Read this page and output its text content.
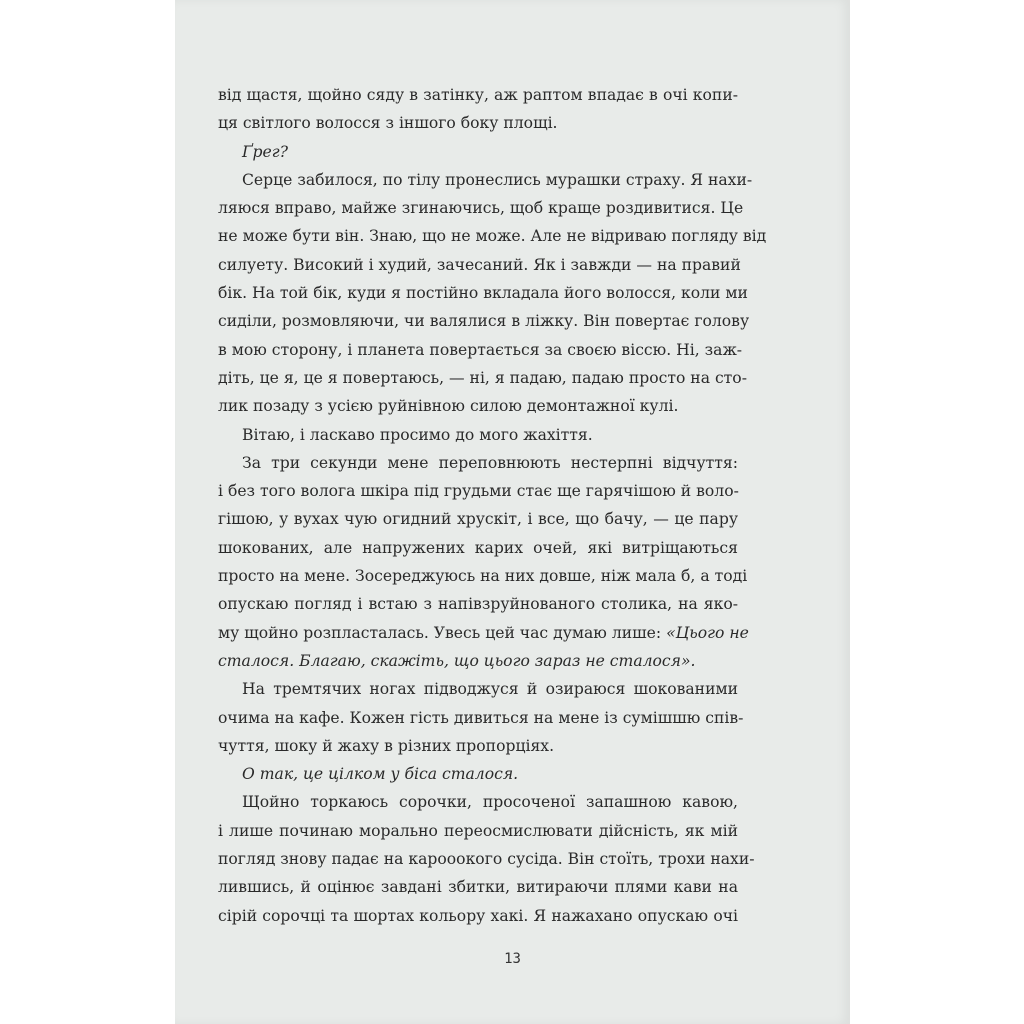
від щастя, щойно сяду в затінку, аж раптом впадає в очі копи-
ця світлого волосся з іншого боку площі.
Ґрег?
Серце забилося, по тілу пронеслись мурашки страху. Я нахи-
ляюся вправо, майже згинаючись, щоб краще роздивитися. Це
не може бути він. Знаю, що не може. Але не відриваю погляду від
силуету. Високий і худий, зачесаний. Як і завжди — на правий
бік. На той бік, куди я постійно вкладала його волосся, коли ми
сиділи, розмовляючи, чи валялися в ліжку. Він повертає голову
в мою сторону, і планета повертається за своєю віссю. Ні, заж-
діть, це я, це я повертаюсь, — ні, я падаю, падаю просто на сто-
лик позаду з усією руйнівною силою демонтажної кулі.
Вітаю, і ласкаво просимо до мого жахіття.
За три секунди мене переповнюють нестерпні відчуття:
і без того волога шкіра під грудьми стає ще гарячішою й воло-
гішою, у вухах чую огидний хрускіт, і все, що бачу, — це пару
шокованих, але напружених карих очей, які витріщаються
просто на мене. Зосереджуюсь на них довше, ніж мала б, а тоді
опускаю погляд і встаю з напівзруйнованого столика, на яко-
му щойно розпласталась. Увесь цей час думаю лише: «Цього не
сталося. Благаю, скажіть, що цього зараз не сталося».
На тремтячих ногах підводжуся й озираюся шокованими
очима на кафе. Кожен гість дивиться на мене із сумішшю спів-
чуття, шоку й жаху в різних пропорціях.
О так, це цілком у біса сталося.
Щойно торкаюсь сорочки, просоченої запашною кавою,
і лише починаю морально переосмислювати дійсність, як мій
погляд знову падає на карооокого сусіда. Він стоїть, трохи нахи-
лившись, й оцінює завдані збитки, витираючи плями кави на
сірій сорочці та шортах кольору хакі. Я нажахано опускаю очі
13
